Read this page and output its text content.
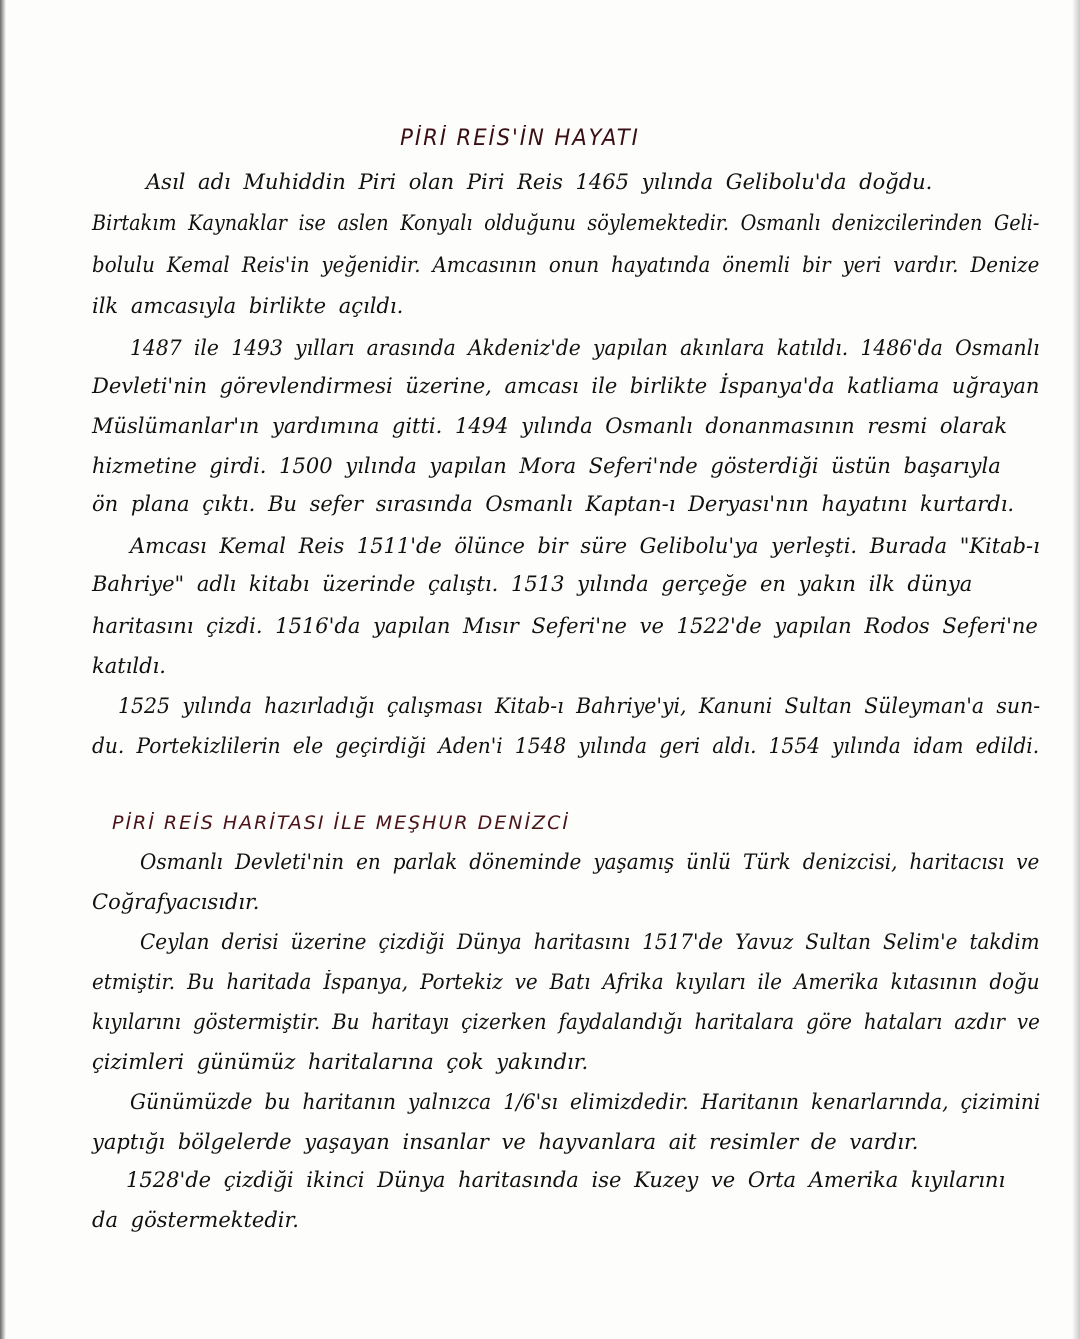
PİRİ REİS'İN HAYATI
Asıl adı Muhiddin Piri olan Piri Reis 1465 yılında Gelibolu'da doğdu.
Birtakım Kaynaklar ise aslen Konyalı olduğunu söylemektedir. Osmanlı denizcilerinden Geli-
bolulu Kemal Reis'in yeğenidir. Amcasının onun hayatında önemli bir yeri vardır. Denize
ilk amcasıyla birlikte açıldı.
1487 ile 1493 yılları arasında Akdeniz'de yapılan akınlara katıldı. 1486'da Osmanlı
Devleti'nin görevlendirmesi üzerine, amcası ile birlikte İspanya'da katliama uğrayan
Müslümanlar'ın yardımına gitti. 1494 yılında Osmanlı donanmasının resmi olarak
hizmetine girdi. 1500 yılında yapılan Mora Seferi'nde gösterdiği üstün başarıyla
ön plana çıktı. Bu sefer sırasında Osmanlı Kaptan-ı Deryası'nın hayatını kurtardı.
Amcası Kemal Reis 1511'de ölünce bir süre Gelibolu'ya yerleşti. Burada "Kitab-ı
Bahriye" adlı kitabı üzerinde çalıştı. 1513 yılında gerçeğe en yakın ilk dünya
haritasını çizdi. 1516'da yapılan Mısır Seferi'ne ve 1522'de yapılan Rodos Seferi'ne
katıldı.
1525 yılında hazırladığı çalışması Kitab-ı Bahriye'yi, Kanuni Sultan Süleyman'a sun-
du. Portekizlilerin ele geçirdiği Aden'i 1548 yılında geri aldı. 1554 yılında idam edildi.
PİRİ REİS HARİTASI İLE MEŞHUR DENİZCİ
Osmanlı Devleti'nin en parlak döneminde yaşamış ünlü Türk denizcisi, haritacısı ve
Coğrafyacısıdır.
Ceylan derisi üzerine çizdiği Dünya haritasını 1517'de Yavuz Sultan Selim'e takdim
etmiştir. Bu haritada İspanya, Portekiz ve Batı Afrika kıyıları ile Amerika kıtasının doğu
kıyılarını göstermiştir. Bu haritayı çizerken faydalandığı haritalara göre hataları azdır ve
çizimleri günümüz haritalarına çok yakındır.
Günümüzde bu haritanın yalnızca 1/6'sı elimizdedir. Haritanın kenarlarında, çizimini
yaptığı bölgelerde yaşayan insanlar ve hayvanlara ait resimler de vardır.
1528'de çizdiği ikinci Dünya haritasında ise Kuzey ve Orta Amerika kıyılarını
da göstermektedir.
